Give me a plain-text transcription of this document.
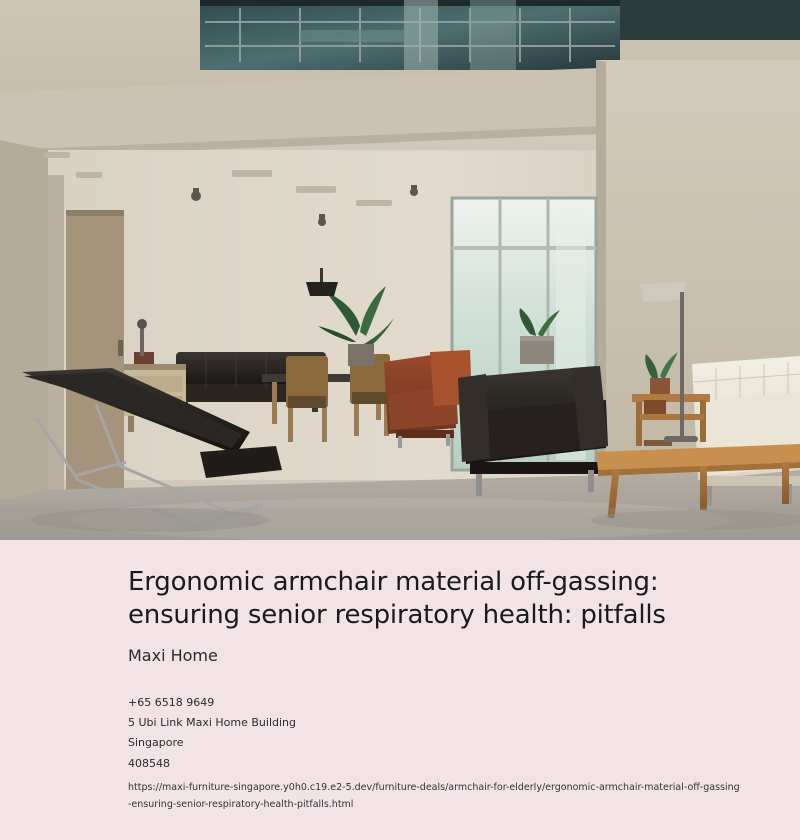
Ergonomic armchair material off-gassing: ensuring senior respiratory health: pitfalls
Maxi Home
+65 6518 9649
5 Ubi Link Maxi Home Building
Singapore
408548
https://maxi-furniture-singapore.y0h0.c19.e2-5.dev/furniture-deals/armchair-for-elderly/ergonomic-armchair-material-off-gassing-ensuring-senior-respiratory-health-pitfalls.html
